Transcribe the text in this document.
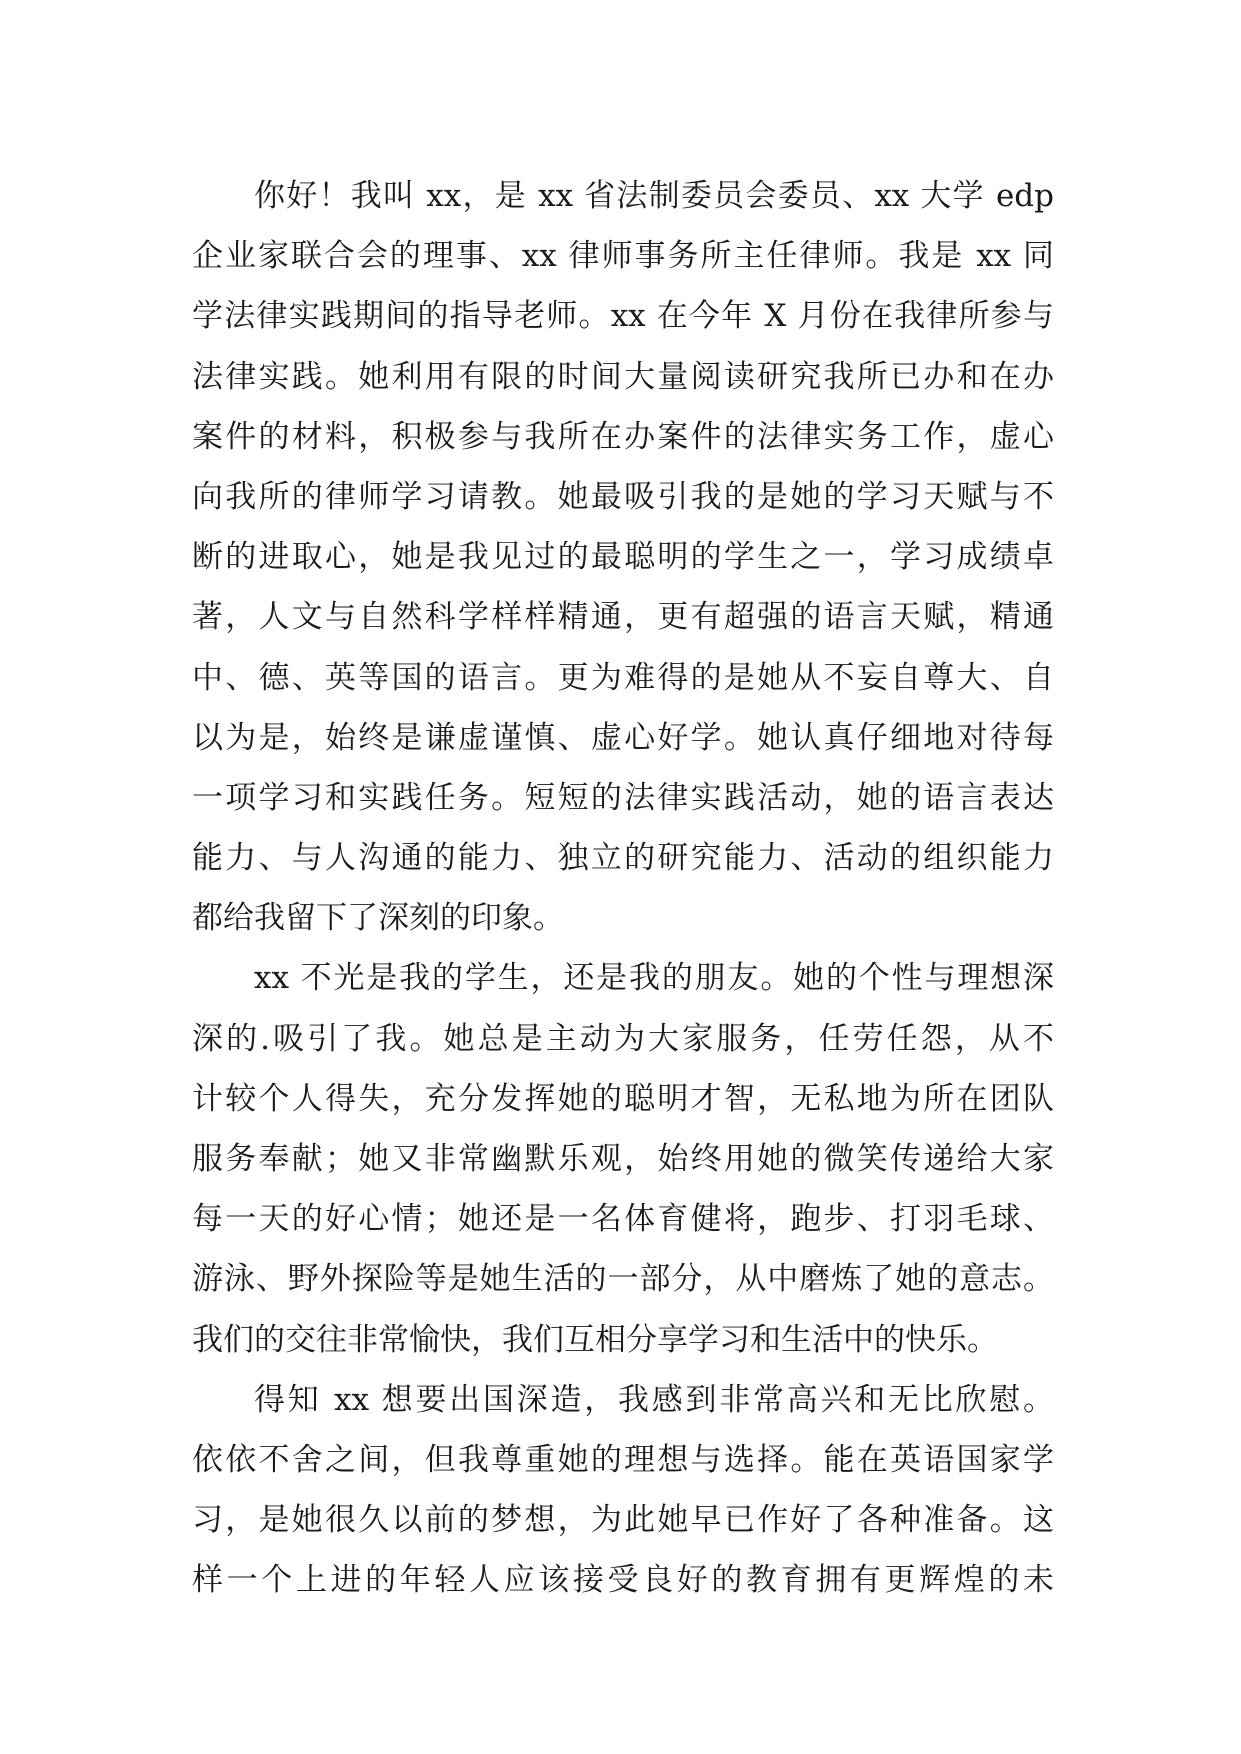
你好！我叫 xx，是 xx 省法制委员会委员、xx 大学 edp
企业家联合会的理事、xx 律师事务所主任律师。我是 xx 同
学法律实践期间的指导老师。xx 在今年 X 月份在我律所参与
法律实践。她利用有限的时间大量阅读研究我所已办和在办
案件的材料，积极参与我所在办案件的法律实务工作，虚心
向我所的律师学习请教。她最吸引我的是她的学习天赋与不
断的进取心，她是我见过的最聪明的学生之一，学习成绩卓
著，人文与自然科学样样精通，更有超强的语言天赋，精通
中、德、英等国的语言。更为难得的是她从不妄自尊大、自
以为是，始终是谦虚谨慎、虚心好学。她认真仔细地对待每
一项学习和实践任务。短短的法律实践活动，她的语言表达
能力、与人沟通的能力、独立的研究能力、活动的组织能力
都给我留下了深刻的印象。
xx 不光是我的学生，还是我的朋友。她的个性与理想深
深的.吸引了我。她总是主动为大家服务，任劳任怨，从不
计较个人得失，充分发挥她的聪明才智，无私地为所在团队
服务奉献；她又非常幽默乐观，始终用她的微笑传递给大家
每一天的好心情；她还是一名体育健将，跑步、打羽毛球、
游泳、野外探险等是她生活的一部分，从中磨炼了她的意志。
我们的交往非常愉快，我们互相分享学习和生活中的快乐。
得知 xx 想要出国深造，我感到非常高兴和无比欣慰。
依依不舍之间，但我尊重她的理想与选择。能在英语国家学
习，是她很久以前的梦想，为此她早已作好了各种准备。这
样一个上进的年轻人应该接受良好的教育拥有更辉煌的未
